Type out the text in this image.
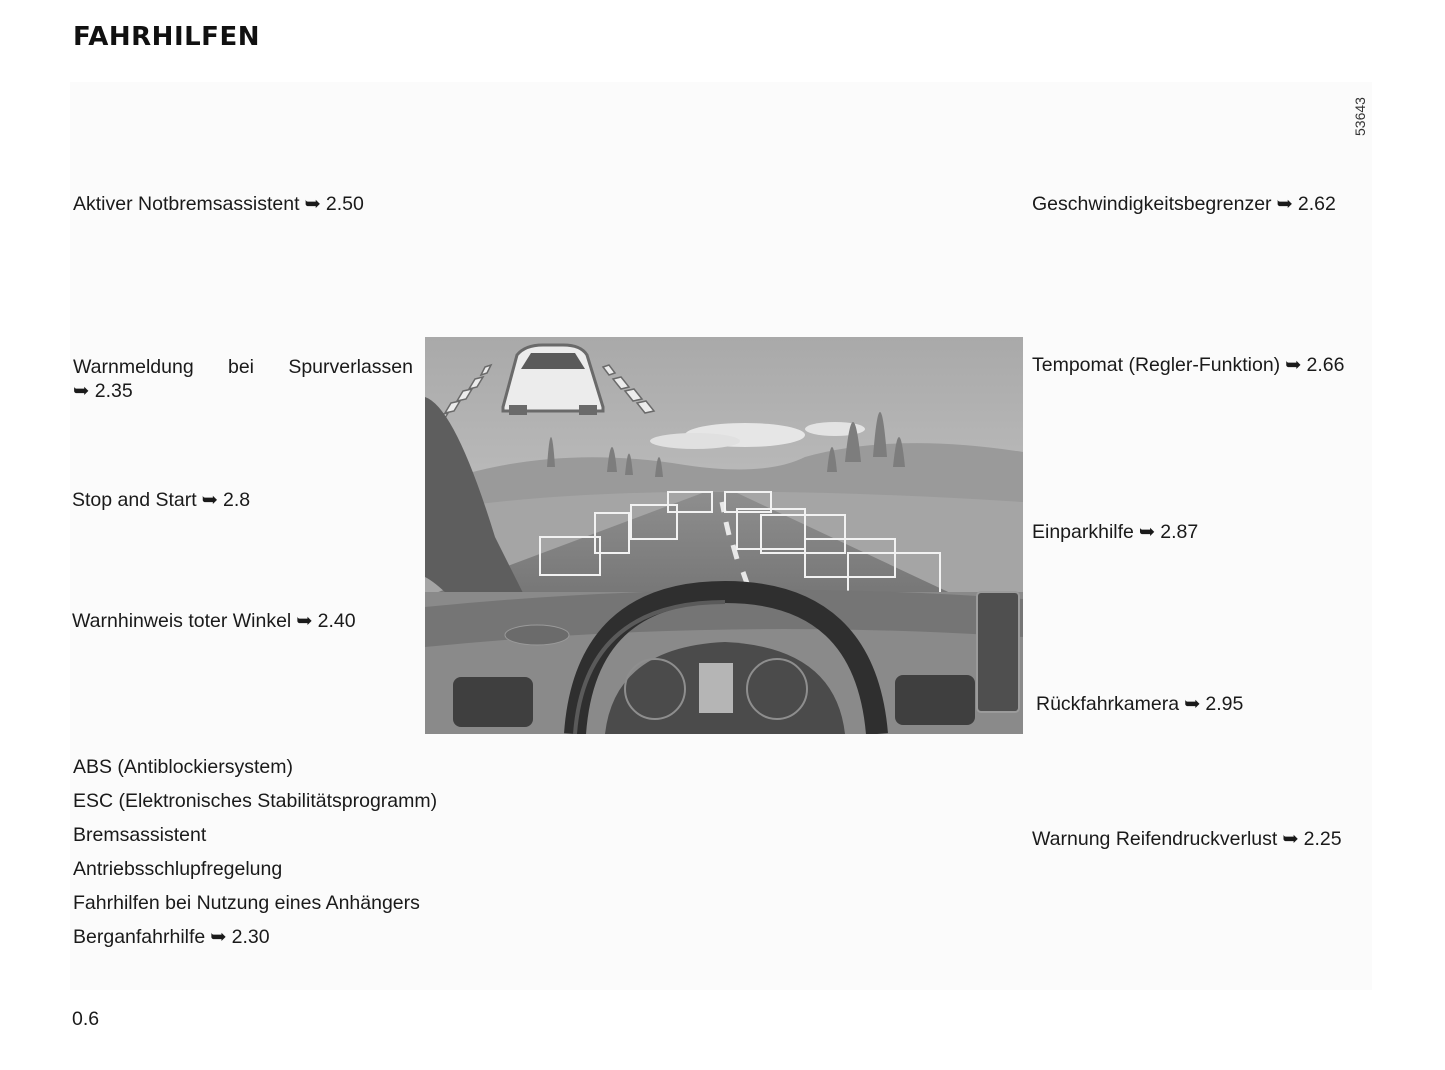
FAHRHILFEN
53643
Aktiver Notbremsassistent ➥ 2.50
Warnmeldung bei Spurverlassen
➥ 2.35
Stop and Start ➥ 2.8
Warnhinweis toter Winkel ➥ 2.40
Geschwindigkeitsbegrenzer ➥ 2.62
Tempomat (Regler-Funktion) ➥ 2.66
Einparkhilfe ➥ 2.87
Rückfahrkamera ➥ 2.95
Warnung Reifendruckverlust ➥ 2.25
ABS (Antiblockiersystem)
ESC (Elektronisches Stabilitätsprogramm)
Bremsassistent
Antriebsschlupfregelung
Fahrhilfen bei Nutzung eines Anhängers
Berganfahrhilfe ➥ 2.30
0.6
